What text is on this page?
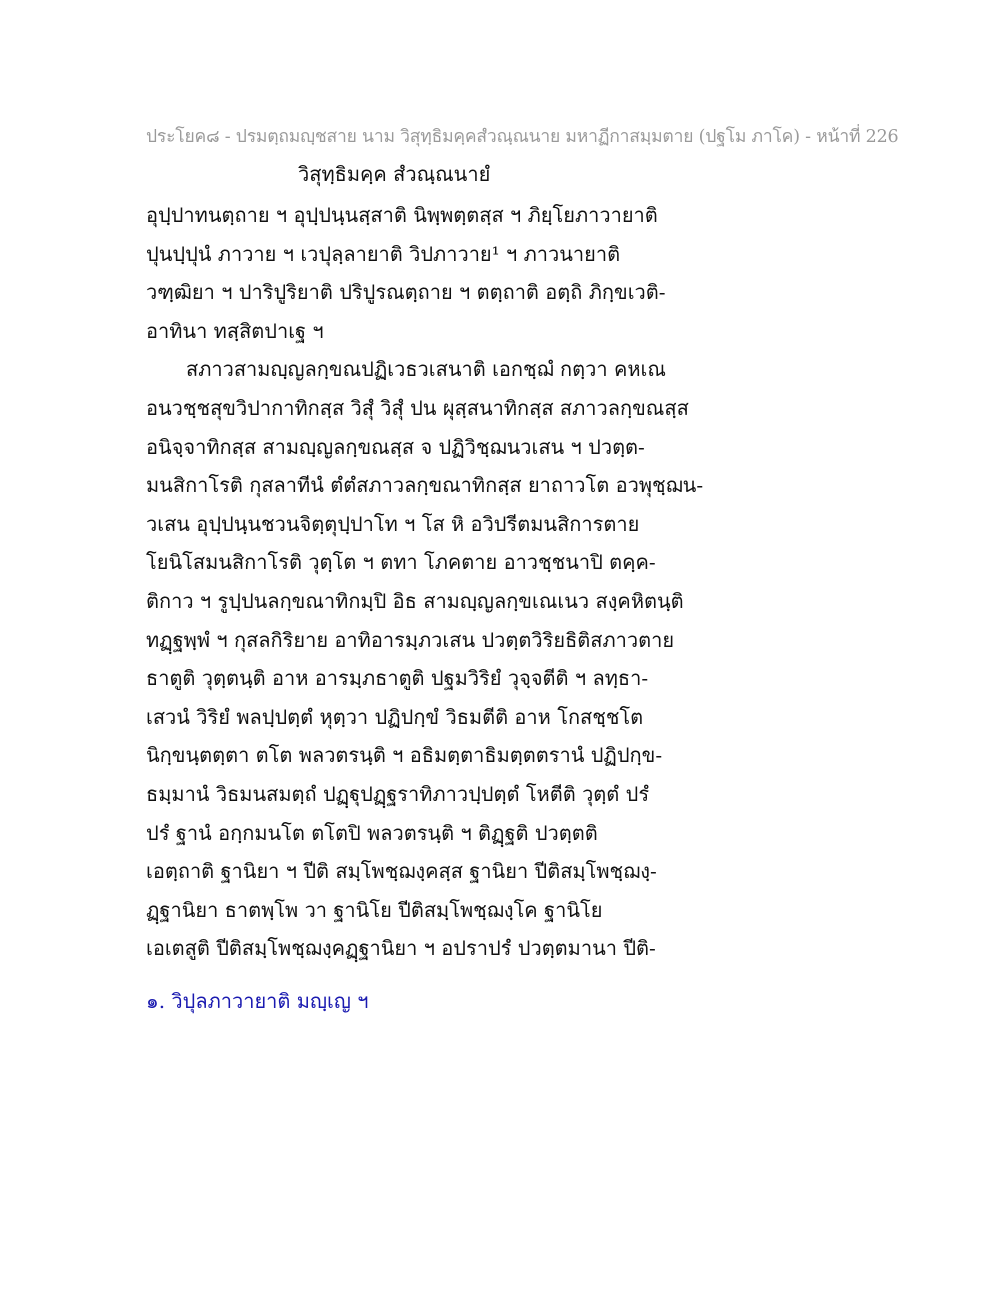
ประโยค๘ - ปรมตฺถมญฺชสาย นาม วิสุทฺธิมคฺคสํวณฺณนาย มหาฏีกาสมฺมตาย (ปฐโม ภาโค) - หน้าที่ 226
วิสุทฺธิมคฺค สํวณฺณนายํ
อุปฺปาทนตฺถาย ฯ อุปฺปนฺนสฺสาติ นิพฺพตฺตสฺส ฯ ภิยฺโยภาวายาติ
ปุนปฺปุนํ ภาวาย ฯ เวปุลฺลายาติ วิปภาวาย¹ ฯ ภาวนายาติ
วฑฺฒิยา ฯ ปาริปูริยาติ ปริปูรณตฺถาย ฯ ตตฺถาติ อตฺถิ ภิกฺขเวติ-
อาทินา ทสฺสิตปาเฐ ฯ
สภาวสามญฺญลกฺขณปฏิเวธวเสนาติ เอกชฺฌํ กตฺวา คหเณ
อนวชฺชสุขวิปากาทิกสฺส วิสุํ วิสุํ ปน ผุสฺสนาทิกสฺส สภาวลกฺขณสฺส
อนิจฺจาทิกสฺส สามญฺญลกฺขณสฺส จ ปฏิวิชฺฌนวเสน ฯ ปวตฺต-
มนสิกาโรติ กุสลาทีนํ ตํตํสภาวลกฺขณาทิกสฺส ยาถาวโต อวพุชฺฌน-
วเสน อุปฺปนฺนชวนจิตฺตุปฺปาโท ฯ โส หิ อวิปรีตมนสิการตาย
โยนิโสมนสิกาโรติ วุตฺโต ฯ ตทา โภคตาย อาวชฺชนาปิ ตคฺค-
ติกาว ฯ รูปฺปนลกฺขณาทิกมฺปิ อิธ สามญฺญลกฺขเณเนว สงฺคหิตนฺติ
ทฏฺฐพฺพํ ฯ กุสลกิริยาย อาทิอารมฺภวเสน ปวตฺตวิริยธิติสภาวตาย
ธาตูติ วุตฺตนฺติ อาห อารมฺภธาตูติ ปฐมวิริยํ วุจฺจตีติ ฯ ลทฺธา-
เสวนํ วิริยํ พลปฺปตฺตํ หุตฺวา ปฏิปกฺขํ วิธมตีติ อาห โกสชฺชโต
นิกฺขนฺตตฺตา ตโต พลวตรนฺติ ฯ อธิมตฺตาธิมตฺตตรานํ ปฏิปกฺข-
ธมฺมานํ วิธมนสมตฺถํ ปฏฺฐุปฏฺฐราทิภาวปฺปตฺตํ โหตีติ วุตฺตํ ปรํ
ปรํ ฐานํ อกฺกมนโต ตโตปิ พลวตรนฺติ ฯ ติฏฺฐติ ปวตฺตติ
เอตฺถาติ ฐานิยา ฯ ปีติ สมฺโพชฺฌงฺคสฺส ฐานิยา ปีติสมฺโพชฺฌงฺ-
ฏฺฐานิยา ธาตพฺโพ วา ฐานิโย ปีติสมฺโพชฺฌงฺโค ฐานิโย
เอเตสูติ ปีติสมฺโพชฺฌงฺคฏฺฐานิยา ฯ อปราปรํ ปวตฺตมานา ปีติ-
๑. วิปุลภาวายาติ มญฺเญ ฯ
